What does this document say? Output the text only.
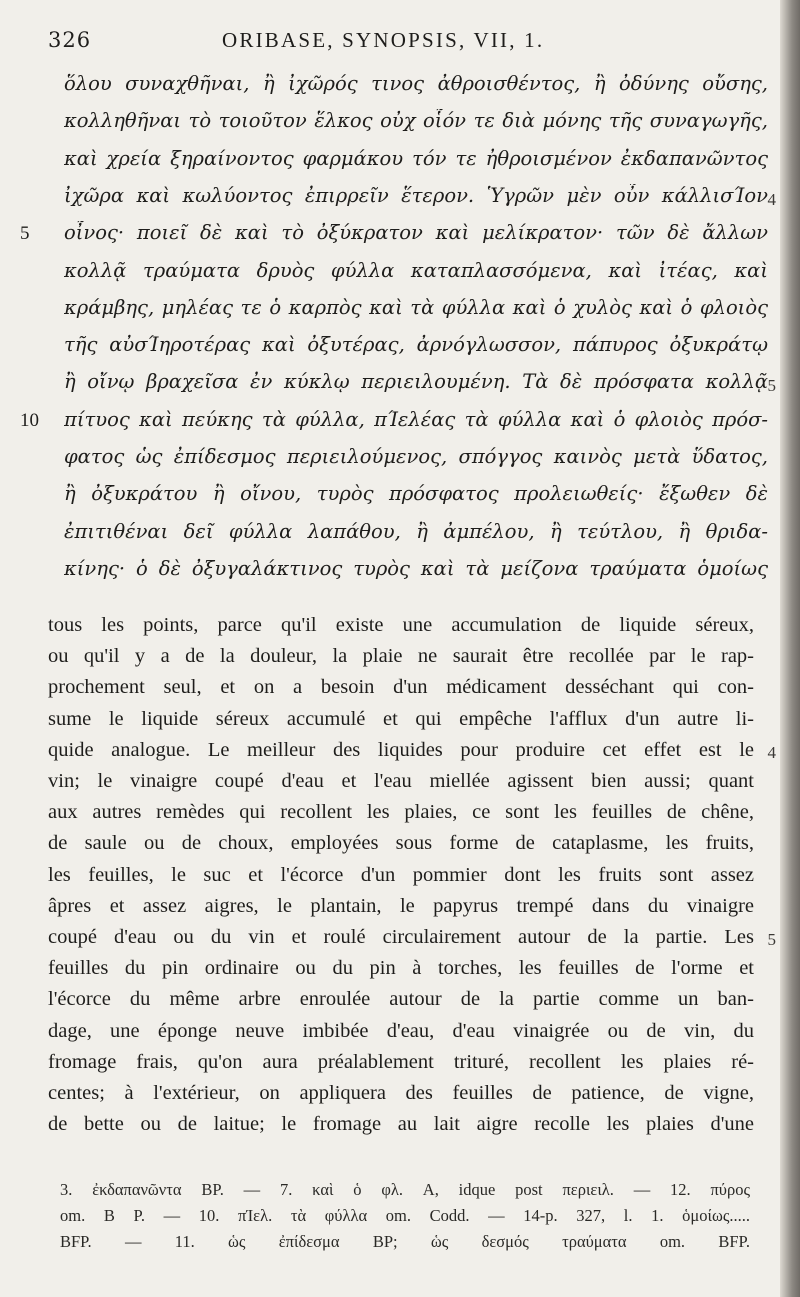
326	ORIBASE, SYNOPSIS, VII, 1.
ὅλου συναχθῆναι, ἢ ἰχῶρός τινος ἀθροισθέντος, ἢ ὀδύνης οὔσης,
κολληθῆναι τὸ τοιοῦτον ἕλκος οὐχ οἷόν τε διὰ μόνης τῆς συναγωγῆς,
καὶ χρεία ξηραίνοντος φαρμάκου τόν τε ἠθροισμένον ἐκδαπανῶντος
ἰχῶρα καὶ κωλύοντος ἐπιρρεῖν ἕτερον. Ὑγρῶν μὲν οὖν κάλλισΊον
οἶνος· ποιεῖ δὲ καὶ τὸ ὀξύκρατον καὶ μελίκρατον· τῶν δὲ ἄλλων
κολλᾷ τραύματα δρυὸς φύλλα καταπλασσόμενα, καὶ ἰτέας, καὶ
κράμβης, μηλέας τε ὁ καρπὸς καὶ τὰ φύλλα καὶ ὁ χυλὸς καὶ ὁ φλοιὸς
τῆς αὐσΊηροτέρας καὶ ὀξυτέρας, ἀρνόγλωσσον, πάπυρος ὀξυκράτῳ
ἢ οἴνῳ βραχεῖσα ἐν κύκλῳ περιειλουμένη. Τὰ δὲ πρόσφατα κολλᾷ
πίτυος καὶ πεύκης τὰ φύλλα, πΊελέας τὰ φύλλα καὶ ὁ φλοιὸς πρόσ-
φατος ὡς ἐπίδεσμος περιειλούμενος, σπόγγος καινὸς μετὰ ὕδατος,
ἢ ὀξυκράτου ἢ οἴνου, τυρὸς πρόσφατος προλειωθείς· ἔξωθεν δὲ
ἐπιτιθέναι δεῖ φύλλα λαπάθου, ἢ ἀμπέλου, ἢ τεύτλου, ἢ θριδα-
κίνης· ὁ δὲ ὀξυγαλάκτινος τυρὸς καὶ τὰ μείζονα τραύματα ὁμοίως
5
10
4
5
tous les points, parce qu'il existe une accumulation de liquide séreux,
ou qu'il y a de la douleur, la plaie ne saurait être recollée par le rap-
prochement seul, et on a besoin d'un médicament desséchant qui con-
sume le liquide séreux accumulé et qui empêche l'afflux d'un autre li-
quide analogue. Le meilleur des liquides pour produire cet effet est le
vin; le vinaigre coupé d'eau et l'eau miellée agissent bien aussi; quant
aux autres remèdes qui recollent les plaies, ce sont les feuilles de chêne,
de saule ou de choux, employées sous forme de cataplasme, les fruits,
les feuilles, le suc et l'écorce d'un pommier dont les fruits sont assez
âpres et assez aigres, le plantain, le papyrus trempé dans du vinaigre
coupé d'eau ou du vin et roulé circulairement autour de la partie. Les
feuilles du pin ordinaire ou du pin à torches, les feuilles de l'orme et
l'écorce du même arbre enroulée autour de la partie comme un ban-
dage, une éponge neuve imbibée d'eau, d'eau vinaigrée ou de vin, du
fromage frais, qu'on aura préalablement trituré, recollent les plaies ré-
centes; à l'extérieur, on appliquera des feuilles de patience, de vigne,
de bette ou de laitue; le fromage au lait aigre recolle les plaies d'une
4
5
3. ἐκδαπανῶντα BP. — 7. καὶ ὁ φλ. A, idque post περιειλ. — 12. πύρος
om. B P. — 10. πΊελ. τὰ φύλλα om. Codd. — 14-p. 327, l. 1. ὁμοίως.....
BFP. — 11. ὡς ἐπίδεσμα BP; ὡς δεσμός τραύματα om. BFP.
